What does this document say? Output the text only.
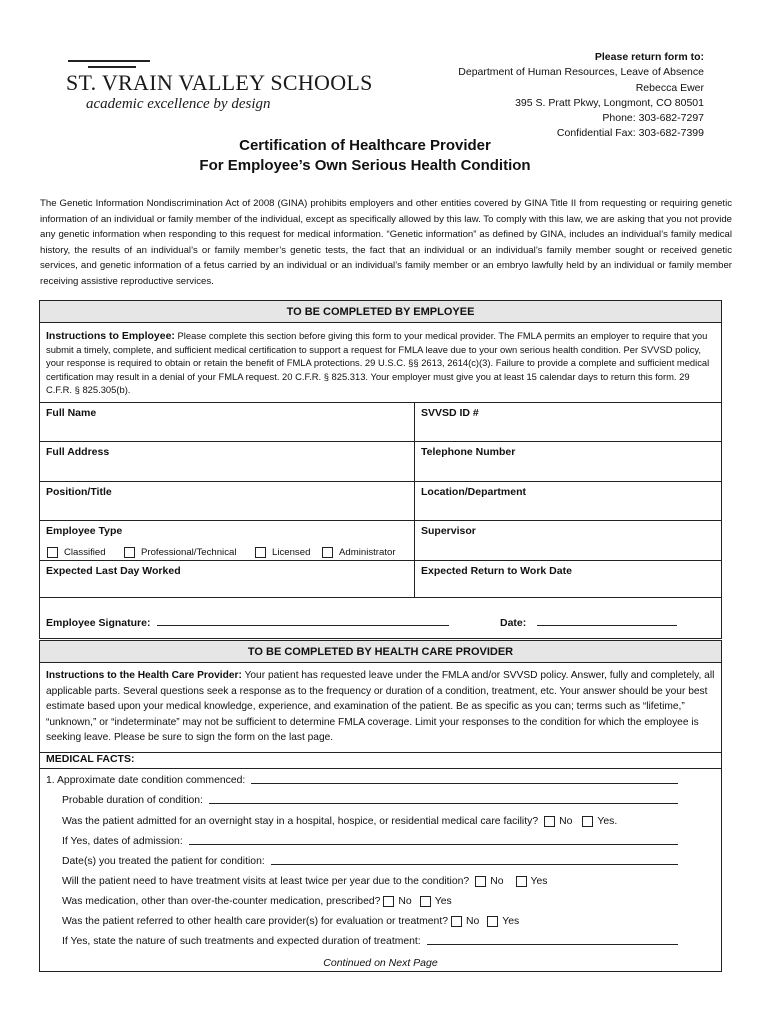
ST. VRAIN VALLEY SCHOOLS
academic excellence by design
Please return form to:
Department of Human Resources, Leave of Absence
Rebecca Ewer
395 S. Pratt Pkwy, Longmont, CO 80501
Phone: 303-682-7297
Confidential Fax: 303-682-7399
Certification of Healthcare Provider
For Employee’s Own Serious Health Condition
The Genetic Information Nondiscrimination Act of 2008 (GINA) prohibits employers and other entities covered by GINA Title II from requesting or requiring genetic information of an individual or family member of the individual, except as specifically allowed by this law. To comply with this law, we are asking that you not provide any genetic information when responding to this request for medical information. “Genetic information” as defined by GINA, includes an individual’s family medical history, the results of an individual’s or family member’s genetic tests, the fact that an individual or an individual’s family member sought or received genetic services, and genetic information of a fetus carried by an individual or an individual’s family member or an embryo lawfully held by an individual or family member receiving assistive reproductive services.
TO BE COMPLETED BY EMPLOYEE
Instructions to Employee: Please complete this section before giving this form to your medical provider. The FMLA permits an employer to require that you submit a timely, complete, and sufficient medical certification to support a request for FMLA leave due to your own serious health condition. Per SVVSD policy, your response is required to obtain or retain the benefit of FMLA protections. 29 U.S.C. §§ 2613, 2614(c)(3). Failure to provide a complete and sufficient medical certification may result in a denial of your FMLA request. 20 C.F.R. § 825.313. Your employer must give you at least 15 calendar days to return this form. 29 C.F.R. § 825.305(b).
Full Name	SVVSD ID #
Full Address	Telephone Number
Position/Title	Location/Department
Employee Type	Supervisor
Classified	Professional/Technical	Licensed	Administrator
Expected Last Day Worked	Expected Return to Work Date
Employee Signature:	Date:
TO BE COMPLETED BY HEALTH CARE PROVIDER
Instructions to the Health Care Provider: Your patient has requested leave under the FMLA and/or SVVSD policy. Answer, fully and completely, all applicable parts. Several questions seek a response as to the frequency or duration of a condition, treatment, etc. Your answer should be your best estimate based upon your medical knowledge, experience, and examination of the patient. Be as specific as you can; terms such as “lifetime,” “unknown,” or “indeterminate” may not be sufficient to determine FMLA coverage. Limit your responses to the condition for which the employee is seeking leave. Please be sure to sign the form on the last page.
MEDICAL FACTS:
1. Approximate date condition commenced:
Probable duration of condition:
Was the patient admitted for an overnight stay in a hospital, hospice, or residential medical care facility? No Yes.
If Yes, dates of admission:
Date(s) you treated the patient for condition:
Will the patient need to have treatment visits at least twice per year due to the condition? No	Yes
Was medication, other than over-the-counter medication, prescribed? No Yes
Was the patient referred to other health care provider(s) for evaluation or treatment? No Yes
If Yes, state the nature of such treatments and expected duration of treatment:
Continued on Next Page
